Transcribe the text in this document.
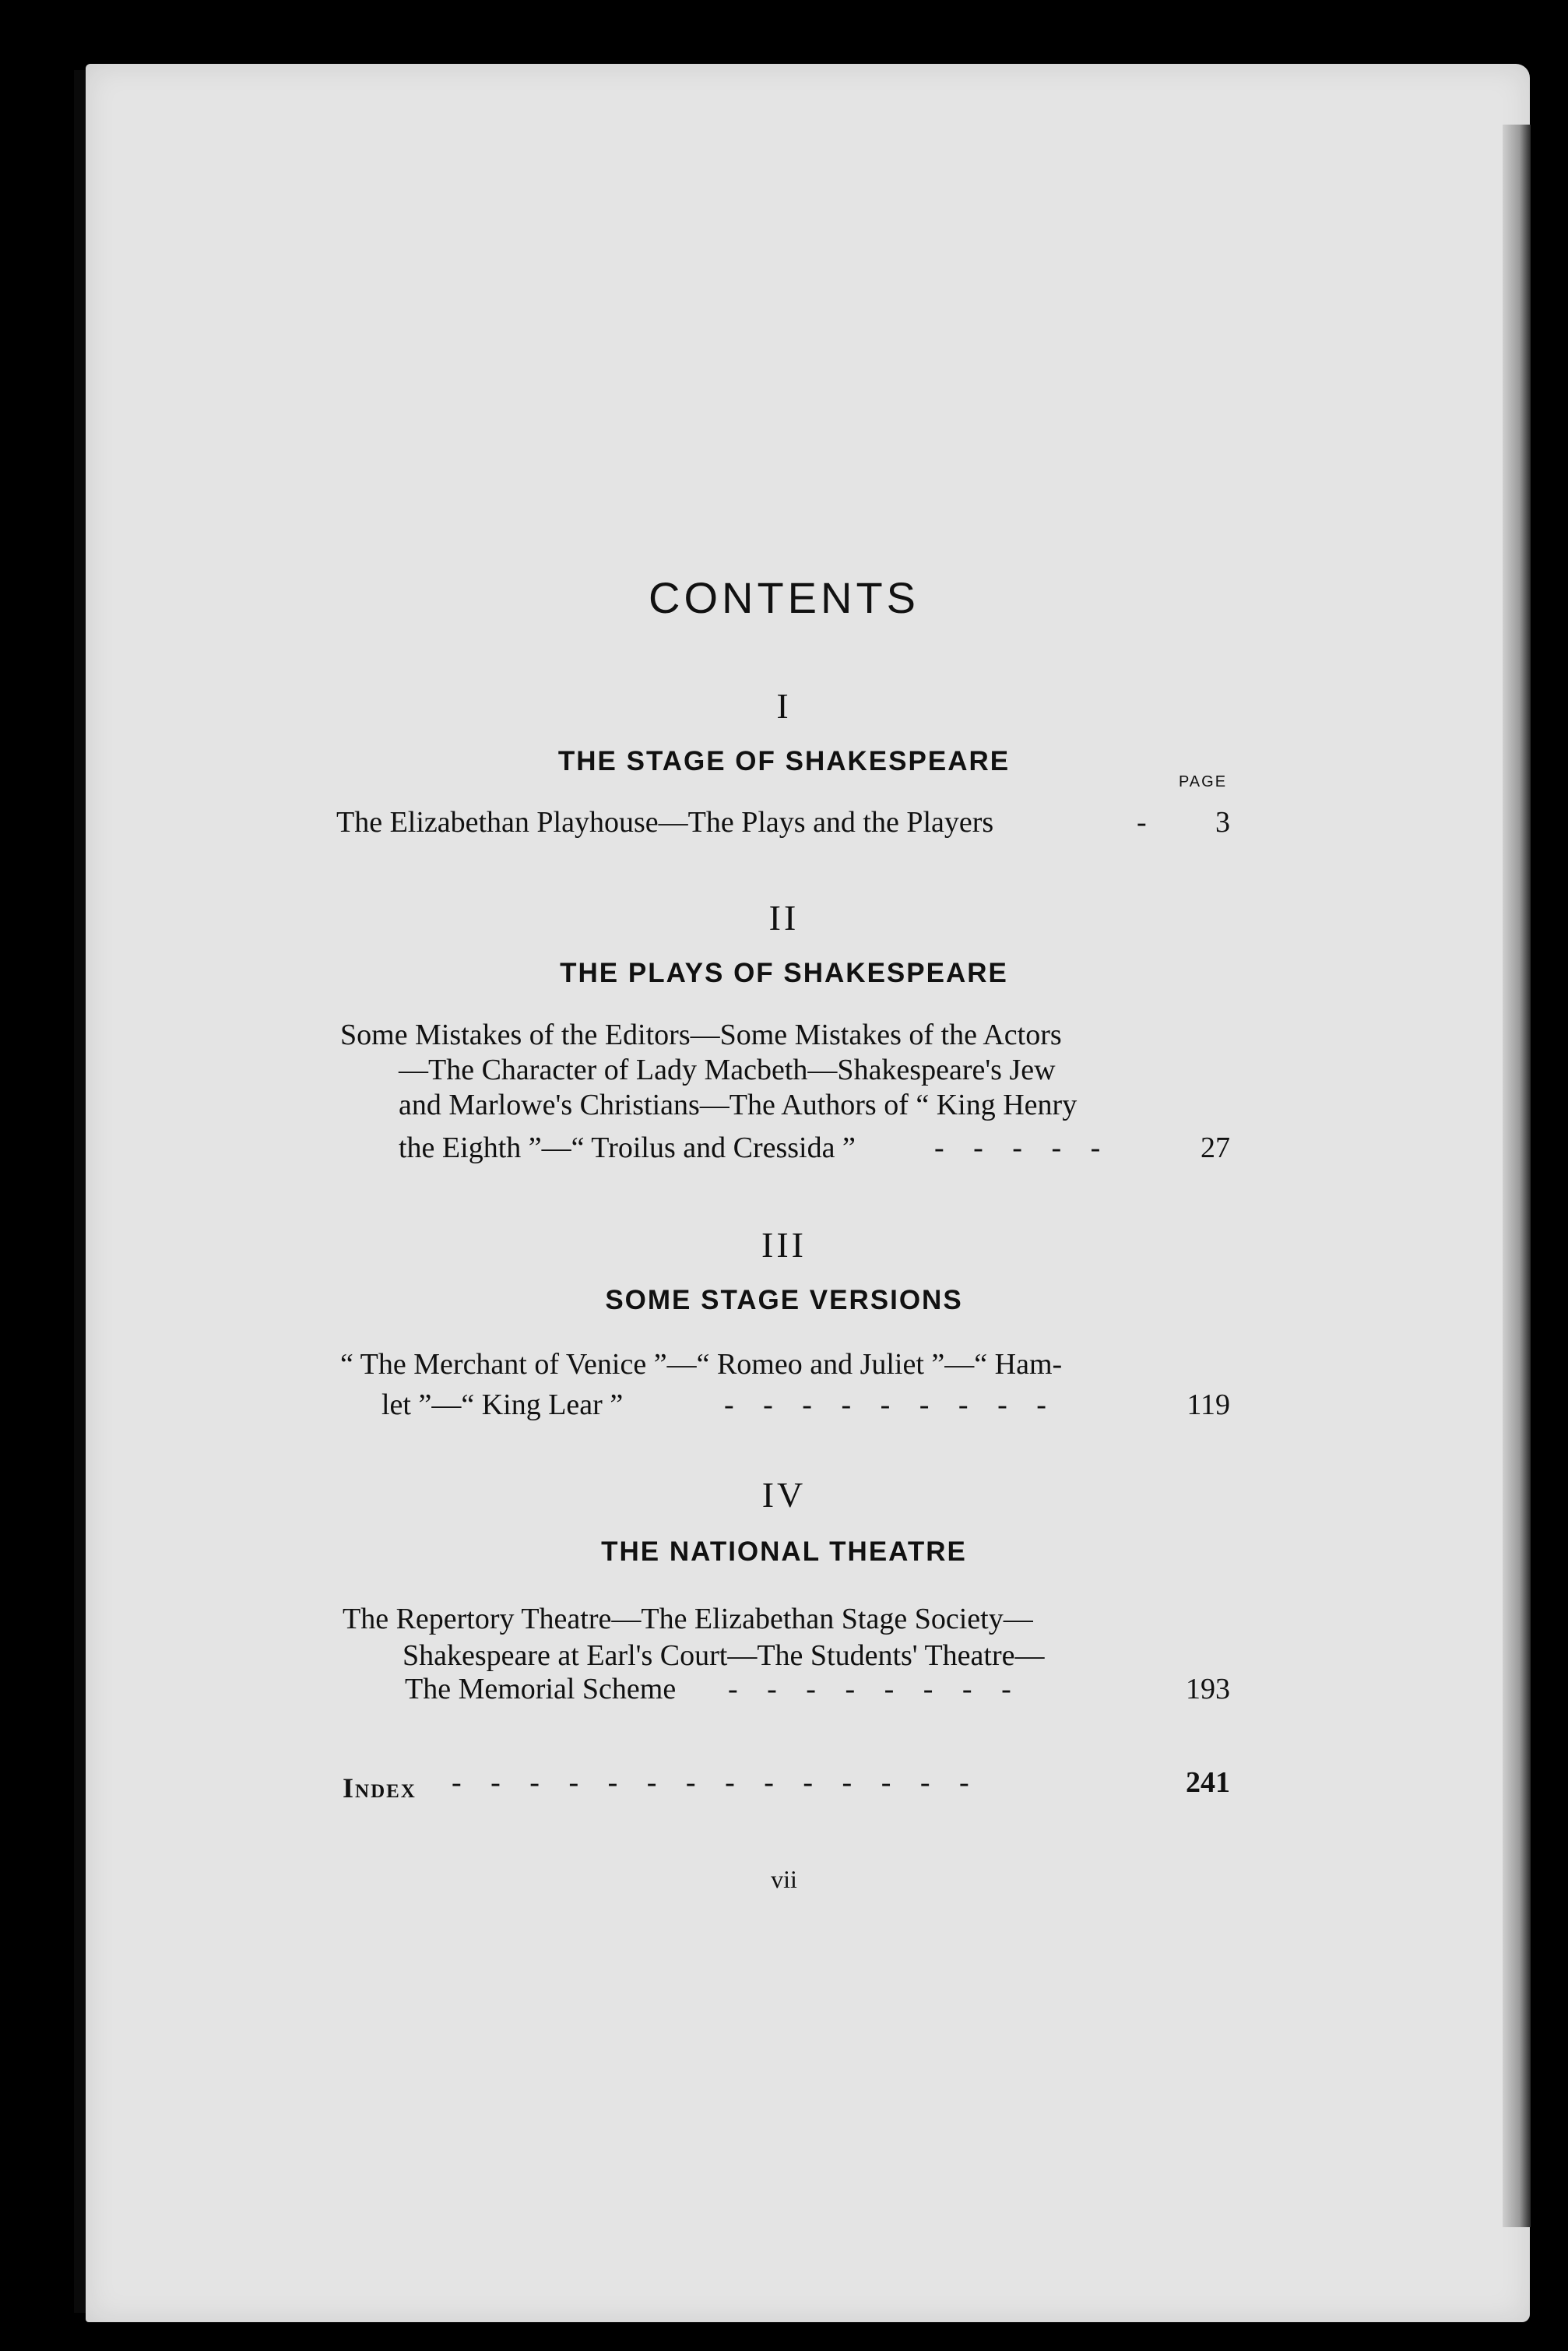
CONTENTS
I
THE STAGE OF SHAKESPEARE
PAGE
The Elizabethan Playhouse—The Plays and the Players	-	3
II
THE PLAYS OF SHAKESPEARE
Some Mistakes of the Editors—Some Mistakes of the Actors
—The Character of Lady Macbeth—Shakespeare's Jew
and Marlowe's Christians—The Authors of “ King Henry
the Eighth ”—“ Troilus and Cressida ”	- - - - -	27
III
SOME STAGE VERSIONS
“ The Merchant of Venice ”—“ Romeo and Juliet ”—“ Ham-
let ”—“ King Lear ”	- - - - - - - - -	119
IV
THE NATIONAL THEATRE
The Repertory Theatre—The Elizabethan Stage Society—
Shakespeare at Earl's Court—The Students' Theatre—
The Memorial Scheme - - - - - - - -	193
Index - - - - - - - - - - - - - -	241
vii
